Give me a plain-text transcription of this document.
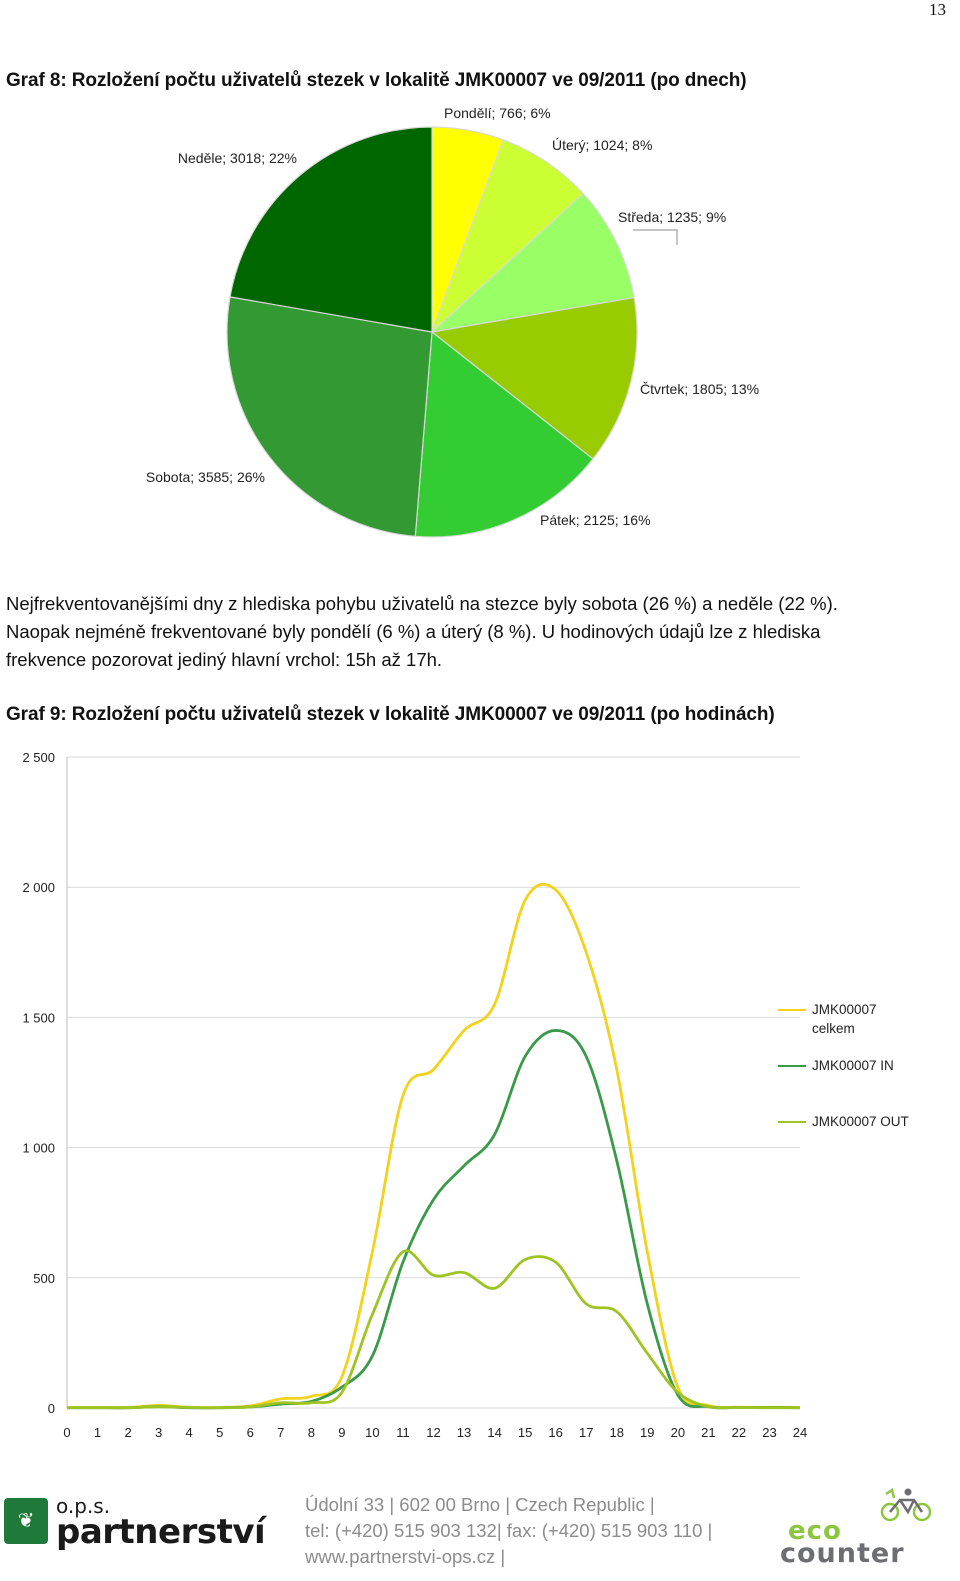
13
Graf 8: Rozložení počtu uživatelů stezek v lokalitě JMK00007 ve 09/2011 (po dnech)
Pondělí; 766; 6%
Úterý; 1024; 8%
Středa; 1235; 9%
Čtvrtek; 1805; 13%
Pátek; 2125; 16%
Sobota; 3585; 26%
Neděle; 3018; 22%
Nejfrekventovanějšími dny z hlediska pohybu uživatelů na stezce byly sobota (26 %) a neděle (22 %).
Naopak nejméně frekventované byly pondělí (6 %) a úterý (8 %). U hodinových údajů lze z hlediska
frekvence pozorovat jediný hlavní vrchol: 15h až 17h.
Graf 9: Rozložení počtu uživatelů stezek v lokalitě JMK00007 ve 09/2011 (po hodinách)
0
500
1 000
1 500
2 000
2 500
0 1 2 3 4 5 6 7 8 9 10 11 12 13 14 15 16 17 18 19 20 21 22 23 24
JMK00007 celkem
JMK00007 IN
JMK00007 OUT
❦
o.p.s.
partnerství
Údolní 33 | 602 00 Brno | Czech Republic |
tel: (+420) 515 903 132| fax: (+420) 515 903 110 |
www.partnerstvi-ops.cz |
eco
counter
